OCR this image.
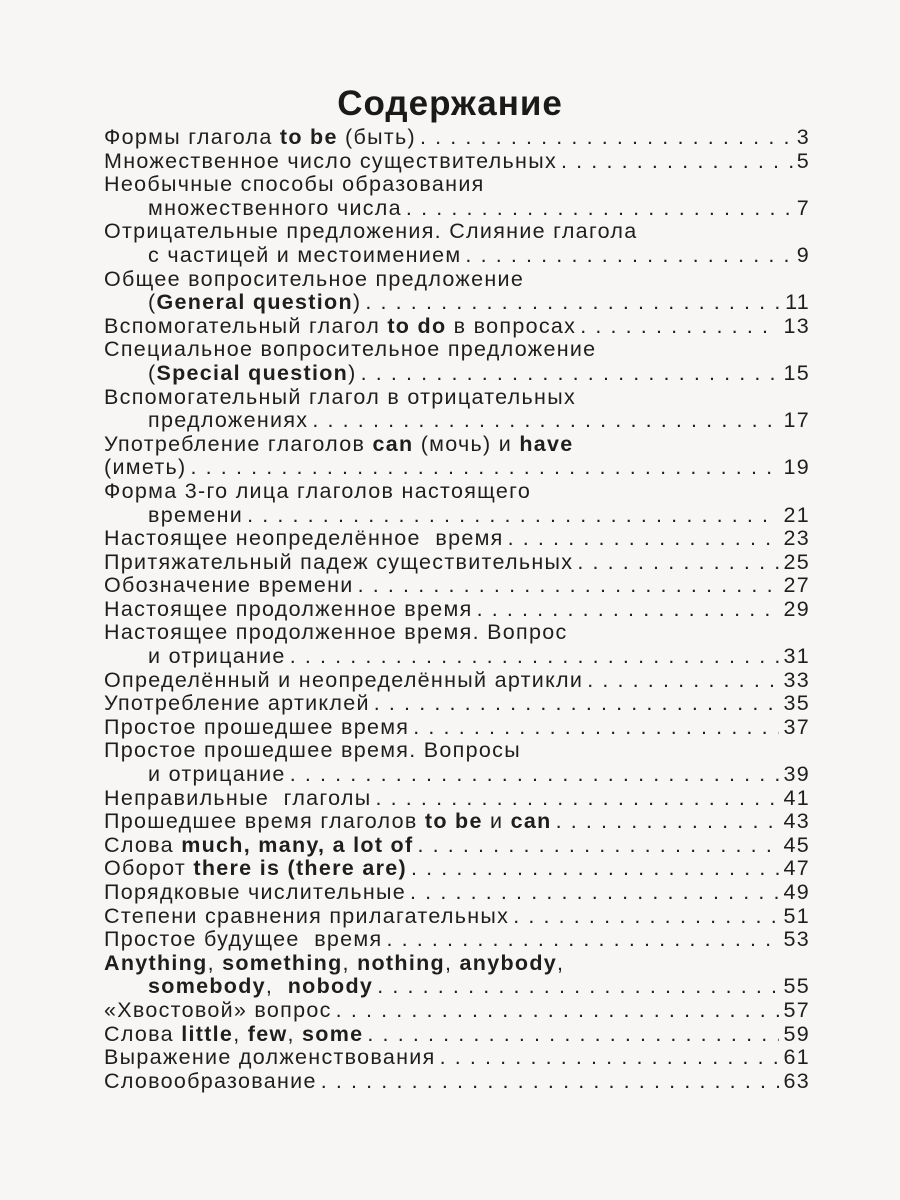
Содержание
Формы глагола to be (быть) . . .	3
Множественное число существительных . . .	5
Необычные способы образования
множественного числа . . .	7
Отрицательные предложения. Слияние глагола
с частицей и местоимением . . .	9
Общее вопросительное предложение
(General question) . . .	11
Вспомогательный глагол to do в вопросах . . .	13
Специальное вопросительное предложение
(Special question) . . .	15
Вспомогательный глагол в отрицательных
предложениях . . .	17
Употребление глаголов can (мочь) и have
(иметь) . . .	19
Форма 3-го лица глаголов настоящего
времени . . .	21
Настоящее неопределённое  время . . .	23
Притяжательный падеж существительных . . .	25
Обозначение времени . . .	27
Настоящее продолженное время . . .	29
Настоящее продолженное время. Вопрос
и отрицание . . .	31
Определённый и неопределённый артикли . . .	33
Употребление артиклей . . .	35
Простое прошедшее время . . .	37
Простое прошедшее время. Вопросы
и отрицание . . .	39
Неправильные  глаголы . . .	41
Прошедшее время глаголов to be и can . . .	43
Слова much, many, a lot of . . .	45
Оборот there is (there are) . . .	47
Порядковые числительные . . .	49
Степени сравнения прилагательных . . .	51
Простое будущее  время . . .	53
Anything, something, nothing, anybody,
somebody,  nobody . . .	55
«Хвостовой» вопрос . . .	57
Слова little, few, some . . .	59
Выражение долженствования . . .	61
Словообразование . . .	63
